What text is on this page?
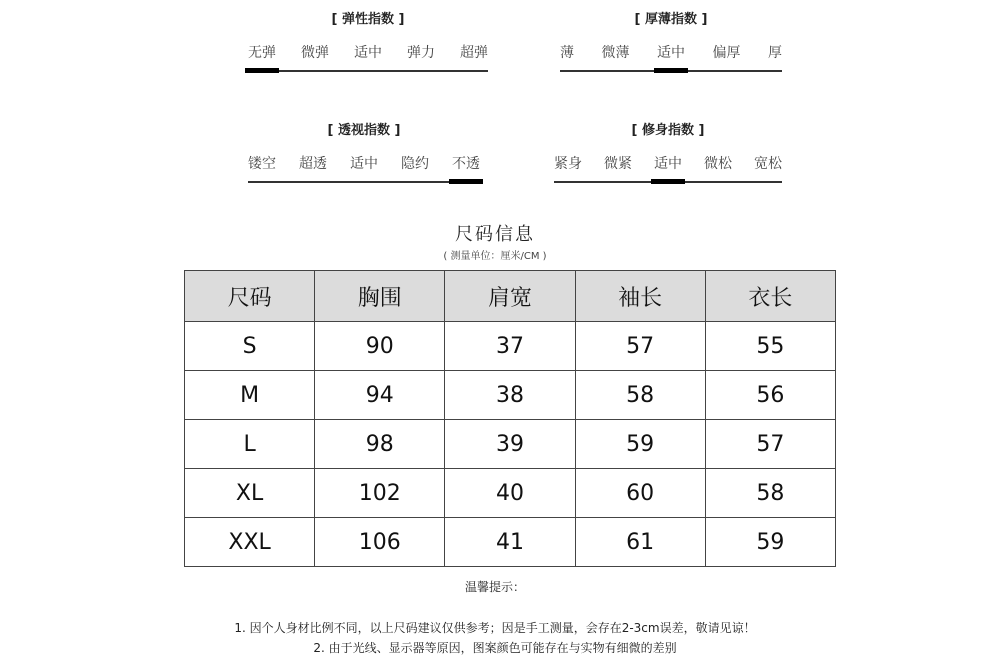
[ 弹性指数 ]
无弹 微弹 适中 弹力 超弹
[ 厚薄指数 ]
薄 微薄 适中 偏厚 厚
[ 透视指数 ]
镂空 超透 适中 隐约 不透
[ 修身指数 ]
紧身 微紧 适中 微松 宽松
尺码信息
( 测量单位：厘米/CM )
尺码	胸围	肩宽	袖长	衣长
S	90	37	57	55
M	94	38	58	56
L	98	39	59	57
XL	102	40	60	58
XXL	106	41	61	59
温馨提示：
1. 因个人身材比例不同，以上尺码建议仅供参考；因是手工测量，会存在2-3cm误差，敬请见谅！
2. 由于光线、显示器等原因，图案颜色可能存在与实物有细微的差别
